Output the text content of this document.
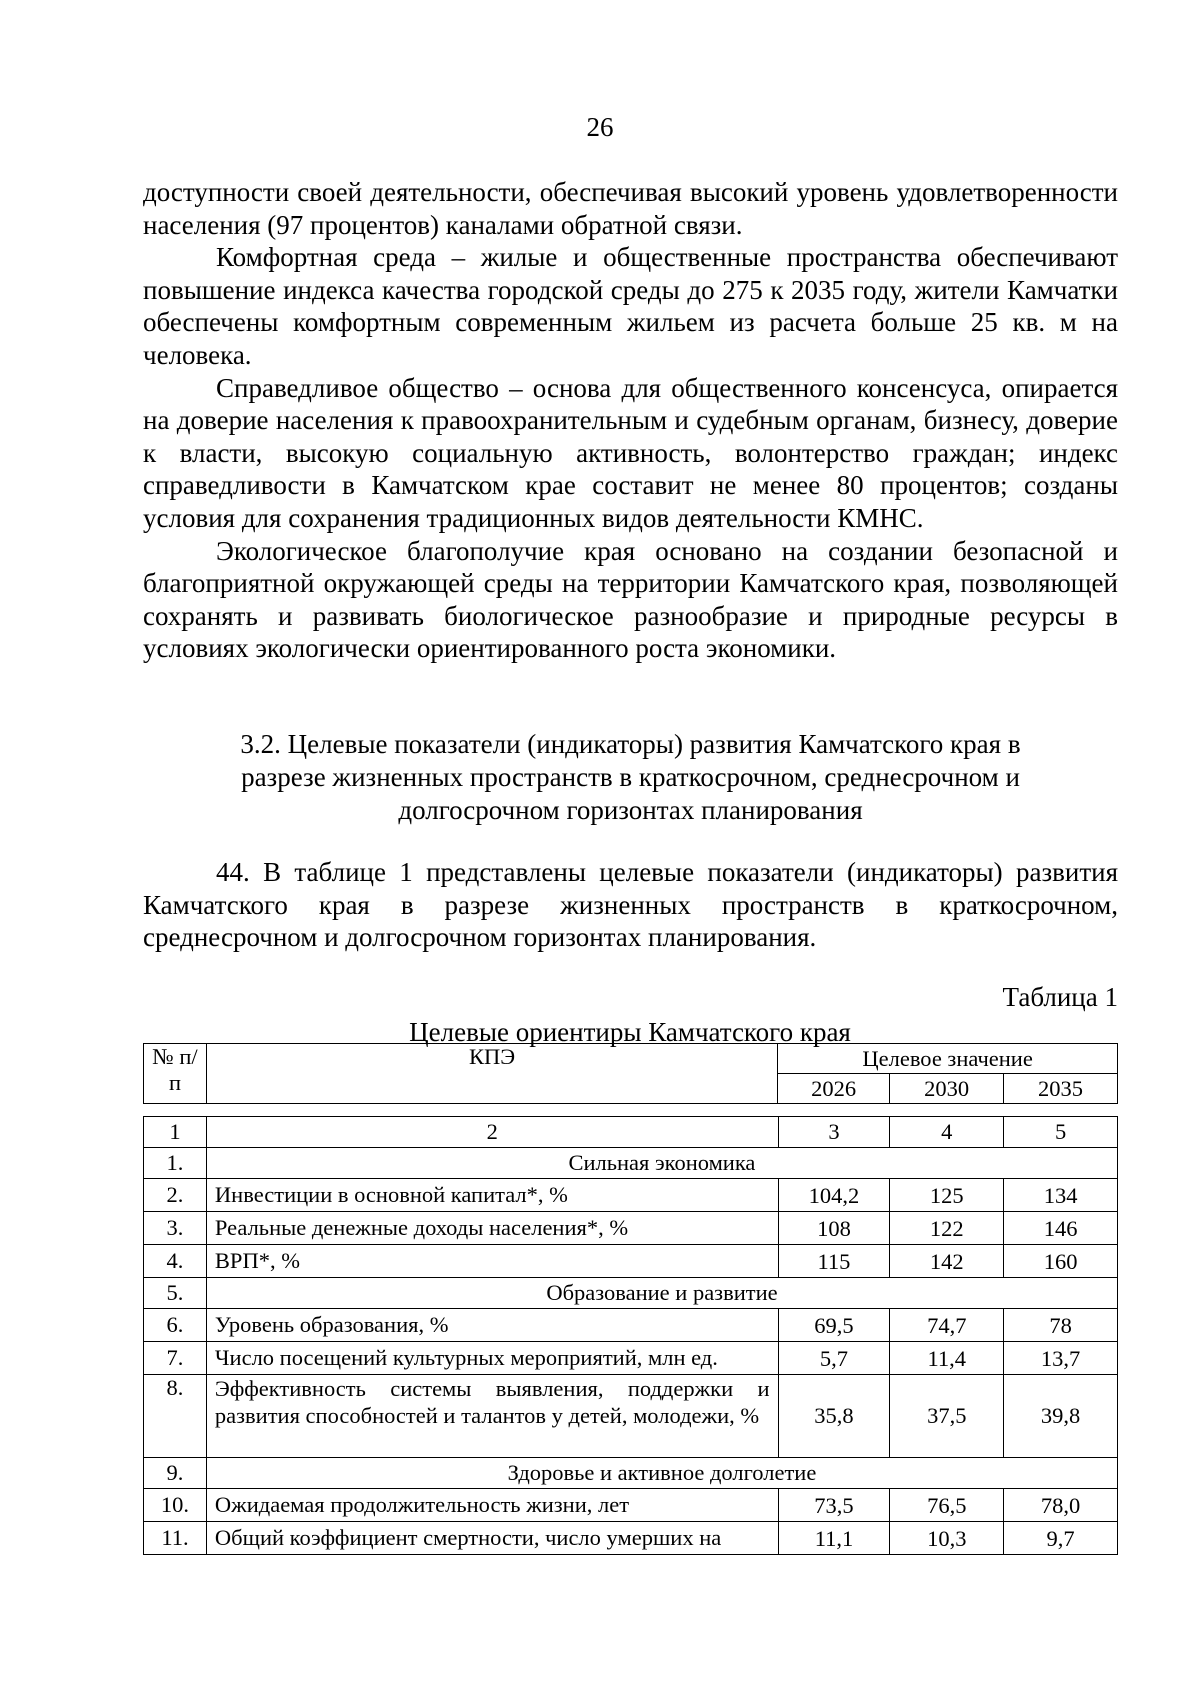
26

доступности своей деятельности, обеспечивая высокий уровень удовлетворенности населения (97 процентов) каналами обратной связи.

Комфортная среда – жилые и общественные пространства обеспечивают повышение индекса качества городской среды до 275 к 2035 году, жители Камчатки обеспечены комфортным современным жильем из расчета больше 25 кв. м на человека.

Справедливое общество – основа для общественного консенсуса, опирается на доверие населения к правоохранительным и судебным органам, бизнесу, доверие к власти, высокую социальную активность, волонтерство граждан; индекс справедливости в Камчатском крае составит не менее 80 процентов; созданы условия для сохранения традиционных видов деятельности КМНС.

Экологическое благополучие края основано на создании безопасной и благоприятной окружающей среды на территории Камчатского края, позволяющей сохранять и развивать биологическое разнообразие и природные ресурсы в условиях экологически ориентированного роста экономики.

3.2. Целевые показатели (индикаторы) развития Камчатского края в
разрезе жизненных пространств в краткосрочном, среднесрочном и
долгосрочном горизонтах планирования
44. В таблице 1 представлены целевые показатели (индикаторы) развития Камчатского края в разрезе жизненных пространств в краткосрочном, среднесрочном и долгосрочном горизонтах планирования.
Таблица 1
Целевые ориентиры Камчатского края
№ п/п	КПЭ	Целевое значение		
		2026	2030	2035
1	2	3	4	5
1.	Сильная экономика			
2.	Инвестиции в основной капитал*, %	104,2	125	134
3.	Реальные денежные доходы населения*, %	108	122	146
4.	ВРП*, %	115	142	160
5.	Образование и развитие			
6.	Уровень образования, %	69,5	74,7	78
7.	Число посещений культурных мероприятий, млн ед.	5,7	11,4	13,7
8.	Эффективность системы выявления, поддержки и развития способностей и талантов у детей, молодежи, %	35,8	37,5	39,8
9.	Здоровье и активное долголетие			
10.	Ожидаемая продолжительность жизни, лет	73,5	76,5	78,0
11.	Общий коэффициент смертности, число умерших на	11,1	10,3	9,7
